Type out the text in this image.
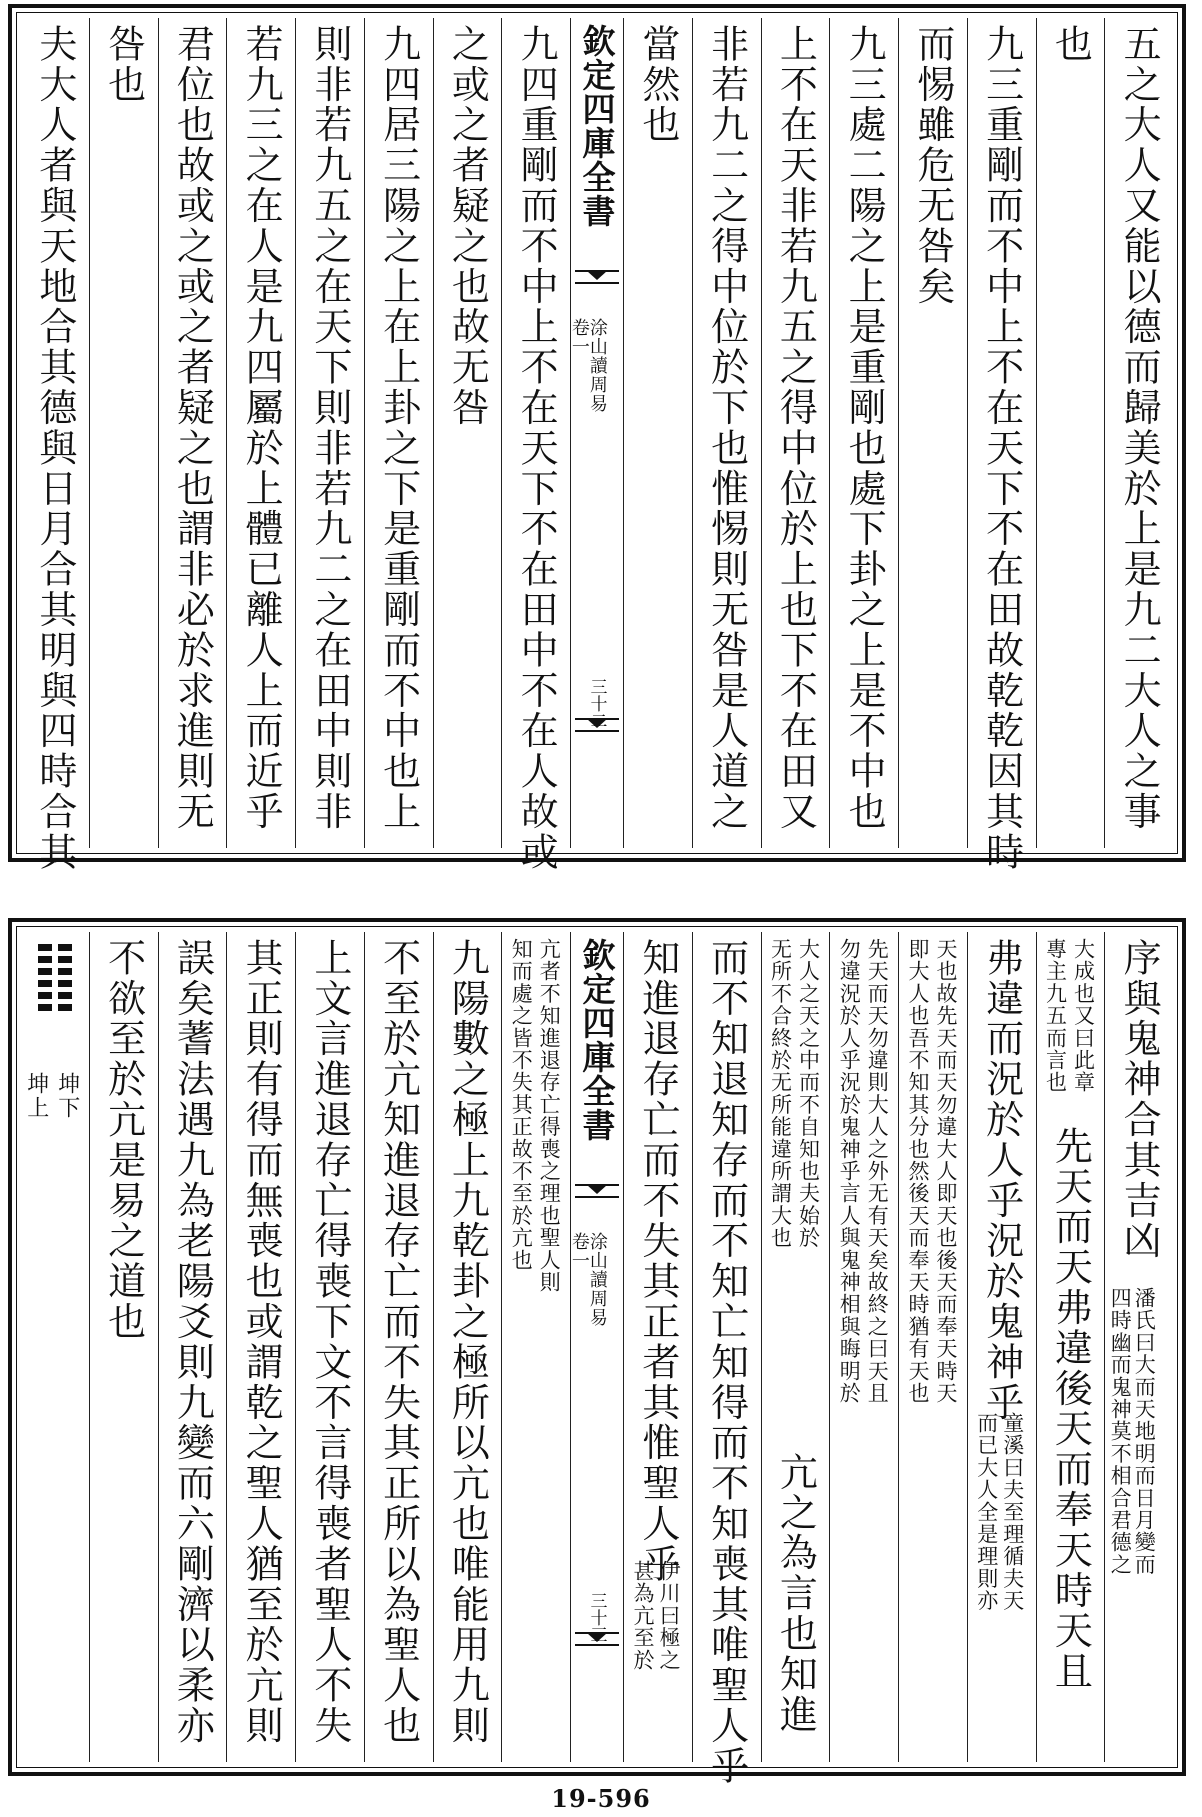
五之大人又能以德而歸美於上是九二大人之事
也
九三重剛而不中上不在天下不在田故乾乾因其時
而惕雖危无咎矣
九三處二陽之上是重剛也處下卦之上是不中也
上不在天非若九五之得中位於上也下不在田又
非若九二之得中位於下也惟惕則无咎是人道之
當然也
欽定四庫全書
涂山讀周易
卷一
三十二
九四重剛而不中上不在天下不在田中不在人故或
之或之者疑之也故无咎
九四居三陽之上在上卦之下是重剛而不中也上
則非若九五之在天下則非若九二之在田中則非
若九三之在人是九四屬於上體已離人上而近乎
君位也故或之或之者疑之也謂非必於求進則无
咎也
夫大人者與天地合其德與日月合其明與四時合其
序與鬼神合其吉凶
潘氏曰大而天地明而日月變而
四時幽而鬼神莫不相合君德之
大成也又曰此章
專主九五而言也
先天而天弗違後天而奉天時天且
弗違而況於人乎況於鬼神乎
童溪曰夫至理循夫天
而已大人全是理則亦
天也故先天而天勿違大人即天也後天而奉天時天
即大人也吾不知其分也然後天而奉天時猶有天也
先天而天勿違則大人之外无有天矣故終之曰天且
勿違況於人乎況於鬼神乎言人與鬼神相與晦明於
大人之天之中而不自知也夫始於
无所不合終於无所能違所謂大也
亢之為言也知進
而不知退知存而不知亡知得而不知喪其唯聖人乎
知進退存亡而不失其正者其惟聖人乎
伊川曰極之
甚為亢至於
欽定四庫全書
涂山讀周易
卷一
三十三
亢者不知進退存亡得喪之理也聖人則
知而處之皆不失其正故不至於亢也
九陽數之極上九乾卦之極所以亢也唯能用九則
不至於亢知進退存亡而不失其正所以為聖人也
上文言進退存亡得喪下文不言得喪者聖人不失
其正則有得而無喪也或謂乾之聖人猶至於亢則
誤矣蓍法遇九為老陽爻則九變而六剛濟以柔亦
不欲至於亢是易之道也
坤下
坤上
19-596
